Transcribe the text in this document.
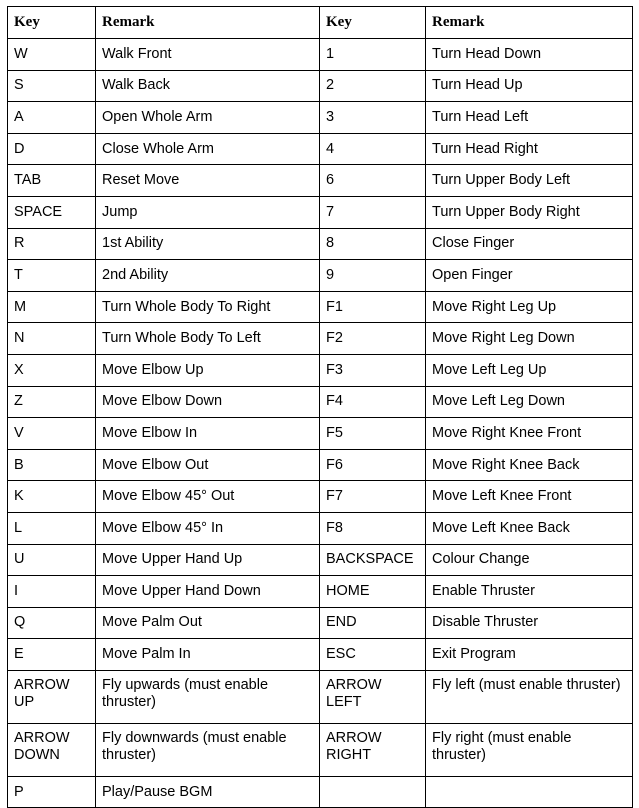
Key	Remark	Key	Remark
W	Walk Front	1	Turn Head Down
S	Walk Back	2	Turn Head Up
A	Open Whole Arm	3	Turn Head Left
D	Close Whole Arm	4	Turn Head Right
TAB	Reset Move	6	Turn Upper Body Left
SPACE	Jump	7	Turn Upper Body Right
R	1st Ability	8	Close Finger
T	2nd Ability	9	Open Finger
M	Turn Whole Body To Right	F1	Move Right Leg Up
N	Turn Whole Body To Left	F2	Move Right Leg Down
X	Move Elbow Up	F3	Move Left Leg Up
Z	Move Elbow Down	F4	Move Left Leg Down
V	Move Elbow In	F5	Move Right Knee Front
B	Move Elbow Out	F6	Move Right Knee Back
K	Move Elbow 45° Out	F7	Move Left Knee Front
L	Move Elbow 45° In	F8	Move Left Knee Back
U	Move Upper Hand Up	BACKSPACE	Colour Change
I	Move Upper Hand Down	HOME	Enable Thruster
Q	Move Palm Out	END	Disable Thruster
E	Move Palm In	ESC	Exit Program
ARROW UP	Fly upwards (must enable thruster)	ARROW LEFT	Fly left (must enable thruster)
ARROW DOWN	Fly downwards (must enable thruster)	ARROW RIGHT	Fly right (must enable thruster)
P	Play/Pause BGM		
